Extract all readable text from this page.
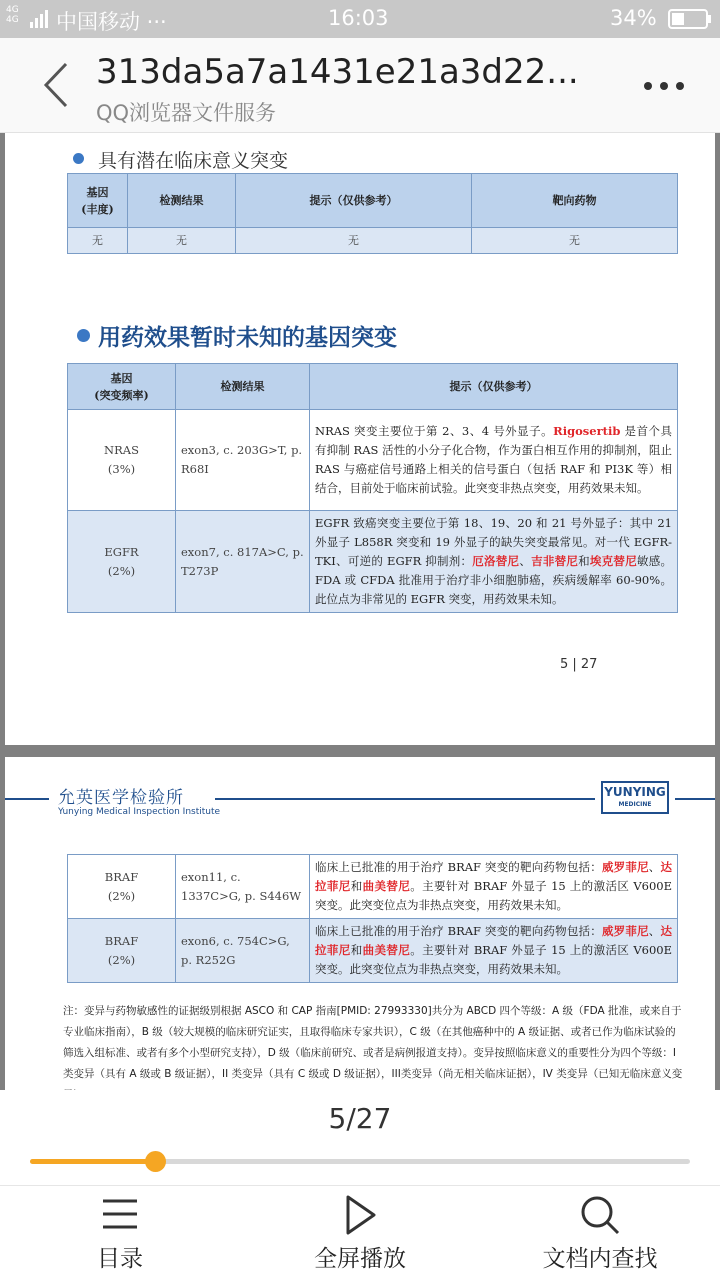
4G 4G	中国移动 ···	16:03	34%
313da5a7a1431e21a3d22...
QQ浏览器文件服务
具有潜在临床意义突变
基因
(丰度)	检测结果	提示（仅供参考）	靶向药物
无	无	无	无
用药效果暂时未知的基因突变
基因
(突变频率)	检测结果	提示（仅供参考）

NRAS
(3%)	exon3, c. 203G>T, p. R68I	NRAS 突变主要位于第 2、3、4 号外显子。Rigosertib 是首个具有抑制 RAS 活性的小分子化合物，作为蛋白相互作用的抑制剂，阻止 RAS 与癌症信号通路上相关的信号蛋白（包括 RAF 和 PI3K 等）相结合，目前处于临床前试验。此突变非热点突变，用药效果未知。

EGFR
(2%)	exon7, c. 817A>C, p. T273P	EGFR 致癌突变主要位于第 18、19、20 和 21 号外显子：其中 21 外显子 L858R 突变和 19 外显子的缺失突变最常见。对一代 EGFR-TKI、可逆的 EGFR 抑制剂：厄洛替尼、吉非替尼和埃克替尼敏感。FDA 或 CFDA 批准用于治疗非小细胞肺癌，疾病缓解率 60-90%。此位点为非常见的 EGFR 突变，用药效果未知。
5 | 27
允英医学检验所
Yunying Medical Inspection Institute
YUNYING
MEDICINE
BRAF
(2%)	exon11, c. 1337C>G, p. S446W	临床上已批准的用于治疗 BRAF 突变的靶向药物包括：威罗菲尼、达拉菲尼和曲美替尼。主要针对 BRAF 外显子 15 上的激活区 V600E 突变。此突变位点为非热点突变，用药效果未知。

BRAF
(2%)	exon6, c. 754C>G, p. R252G	临床上已批准的用于治疗 BRAF 突变的靶向药物包括：威罗菲尼、达拉菲尼和曲美替尼。主要针对 BRAF 外显子 15 上的激活区 V600E 突变。此突变位点为非热点突变，用药效果未知。
注：变异与药物敏感性的证据级别根据 ASCO 和 CAP 指南[PMID: 27993330]共分为 ABCD 四个等级：A 级（FDA 批准，或来自于专业临床指南），B 级（较大规模的临床研究证实，且取得临床专家共识），C 级（在其他癌种中的 A 级证据、或者已作为临床试验的筛选入组标准、或者有多个小型研究支持），D 级（临床前研究、或者是病例报道支持）。变异按照临床意义的重要性分为四个等级：I 类变异（具有 A 级或 B 级证据），II 类变异（具有 C 级或 D 级证据），III类变异（尚无相关临床证据），IV 类变异（已知无临床意义变
5/27
目录	全屏播放	文档内查找
